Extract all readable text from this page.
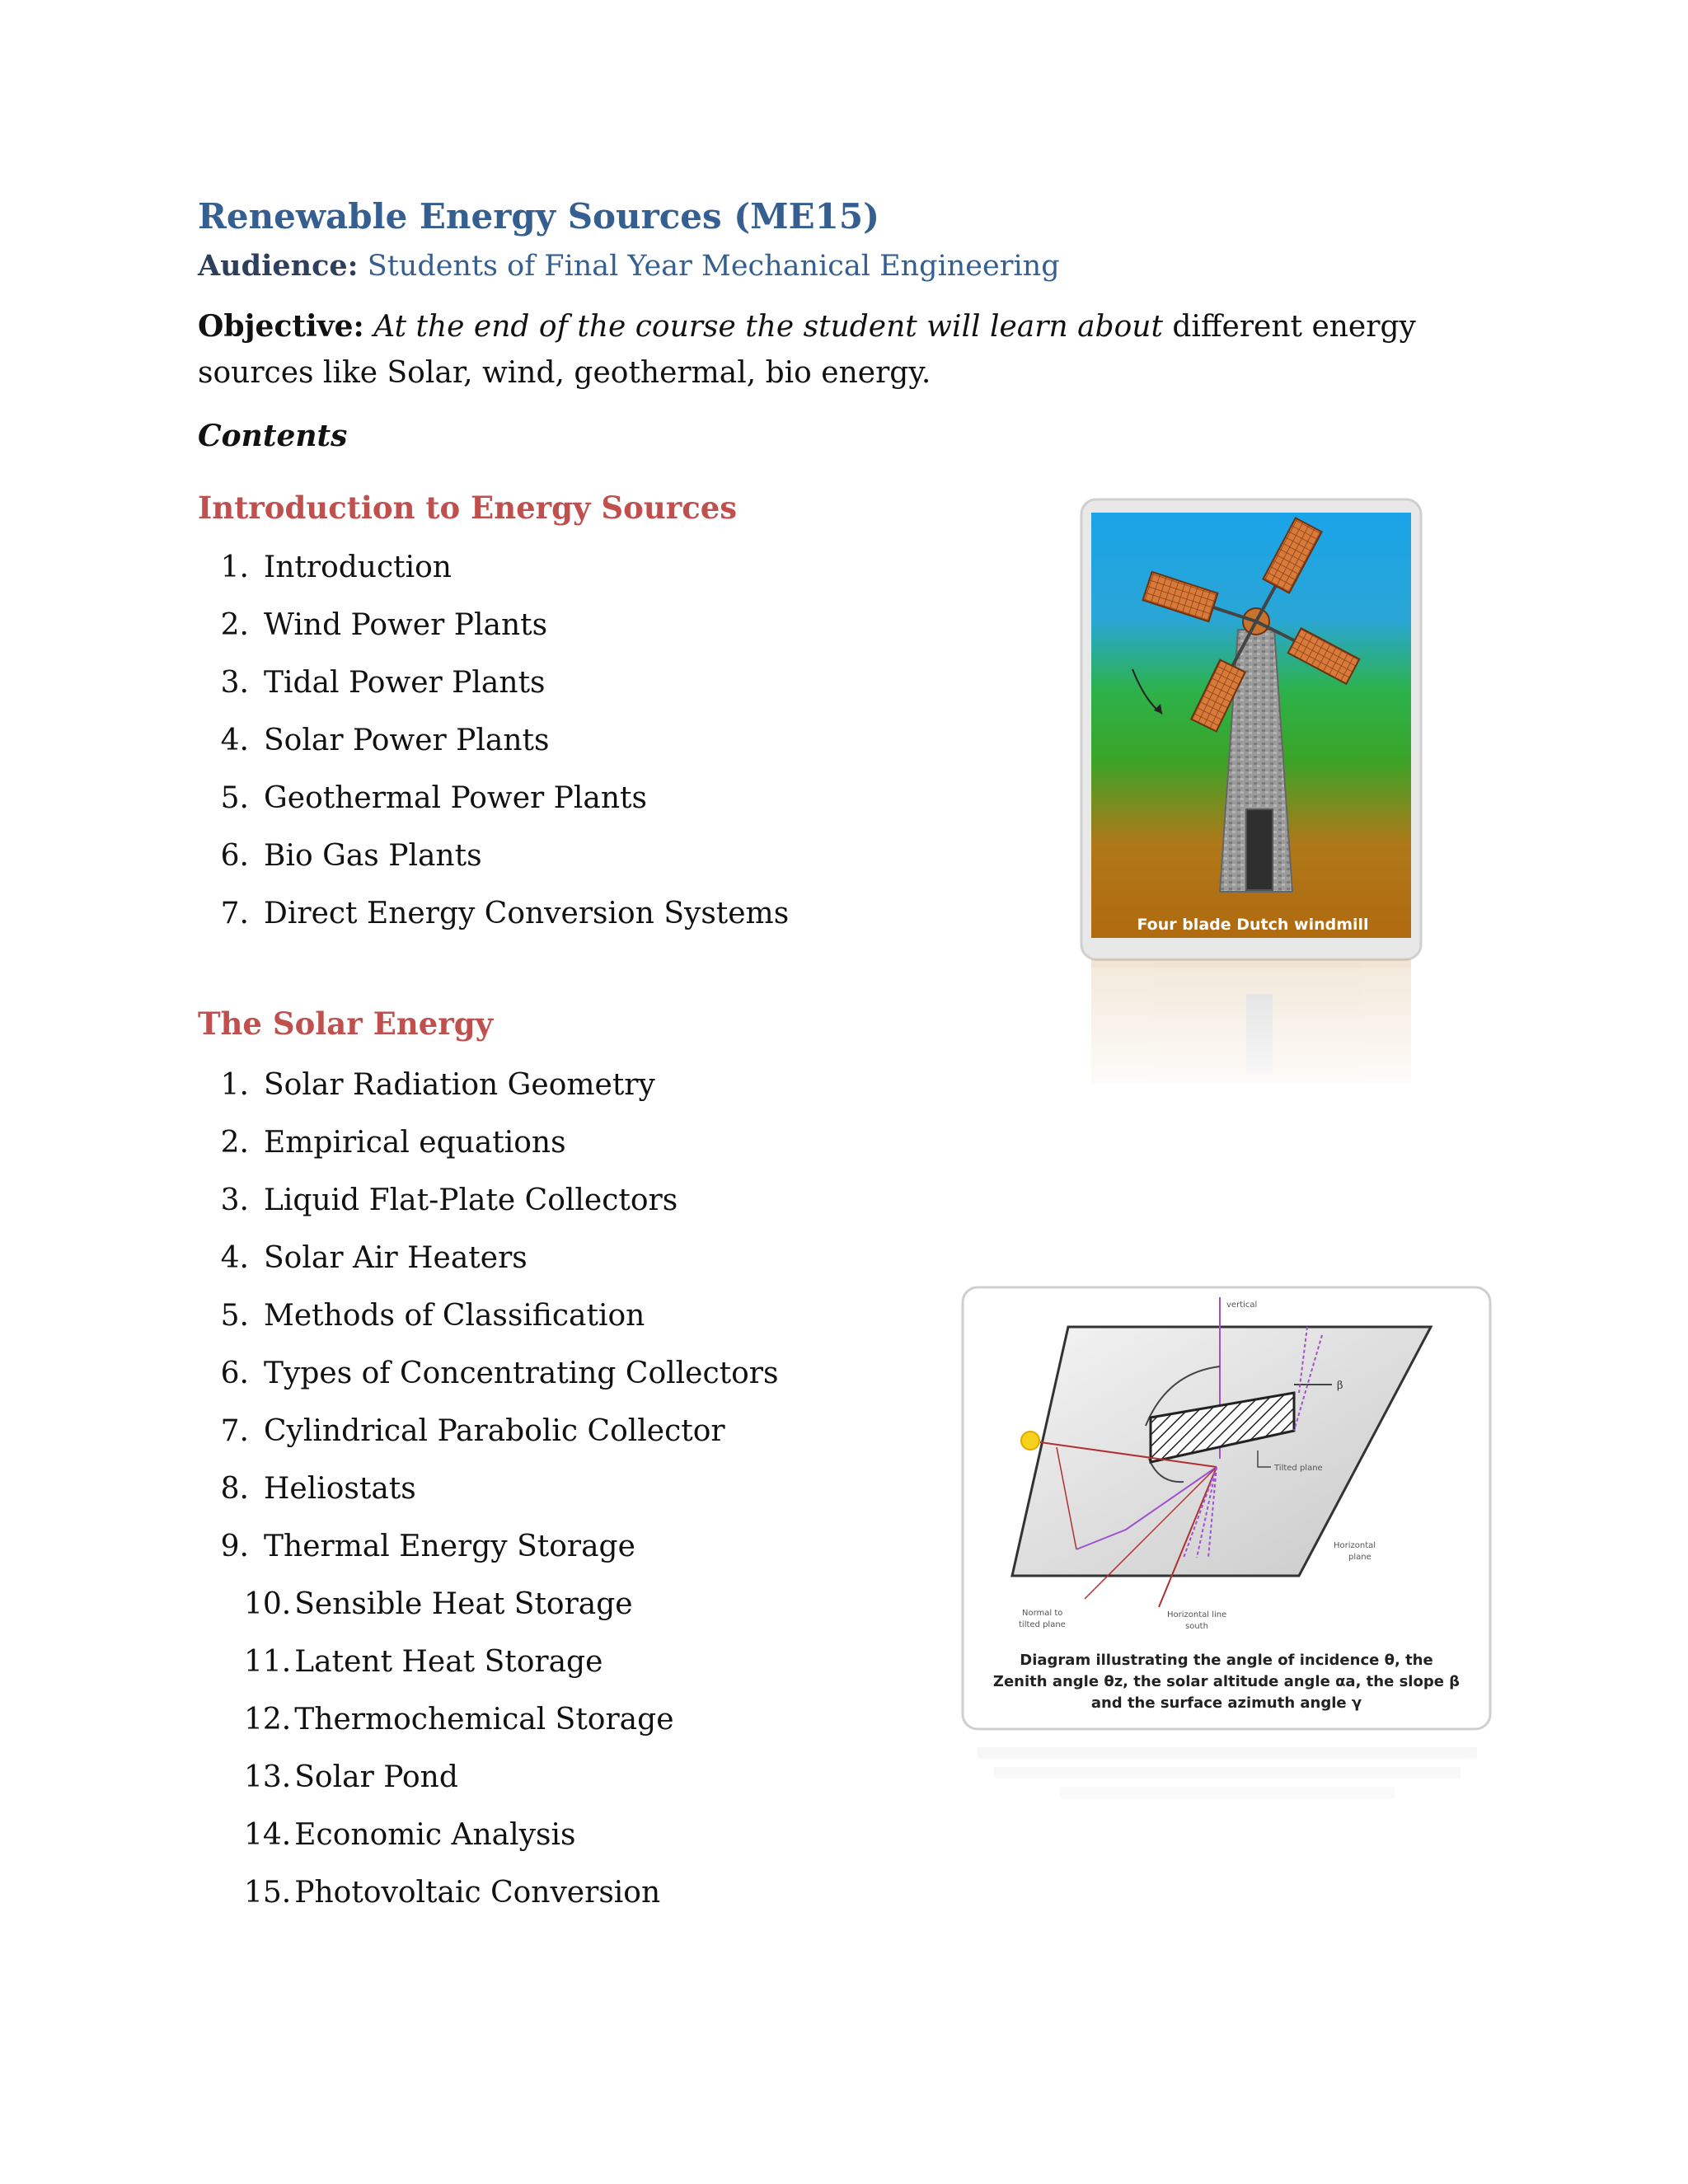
Renewable Energy Sources (ME15)
Audience: Students of Final Year Mechanical Engineering
Objective: At the end of the course the student will learn about different energy sources like Solar, wind, geothermal, bio energy.
Contents
Introduction to Energy Sources
1. Introduction
2. Wind Power Plants
3. Tidal Power Plants
4. Solar Power Plants
5. Geothermal Power Plants
6. Bio Gas Plants
7. Direct Energy Conversion Systems
The Solar Energy
1. Solar Radiation Geometry
2. Empirical equations
3. Liquid Flat-Plate Collectors
4. Solar Air Heaters
5. Methods of Classification
6. Types of Concentrating Collectors
7. Cylindrical Parabolic Collector
8. Heliostats
9. Thermal Energy Storage
10. Sensible Heat Storage
11. Latent Heat Storage
12. Thermochemical Storage
13. Solar Pond
14. Economic Analysis
15. Photovoltaic Conversion
Four blade Dutch windmill
vertical
β
Tilted plane
Horizontal
plane
Normal to
tilted plane
Horizontal line
south
Diagram illustrating the angle of incidence θ, the
Zenith angle θz, the solar altitude angle αa, the slope β
and the surface azimuth angle γ
